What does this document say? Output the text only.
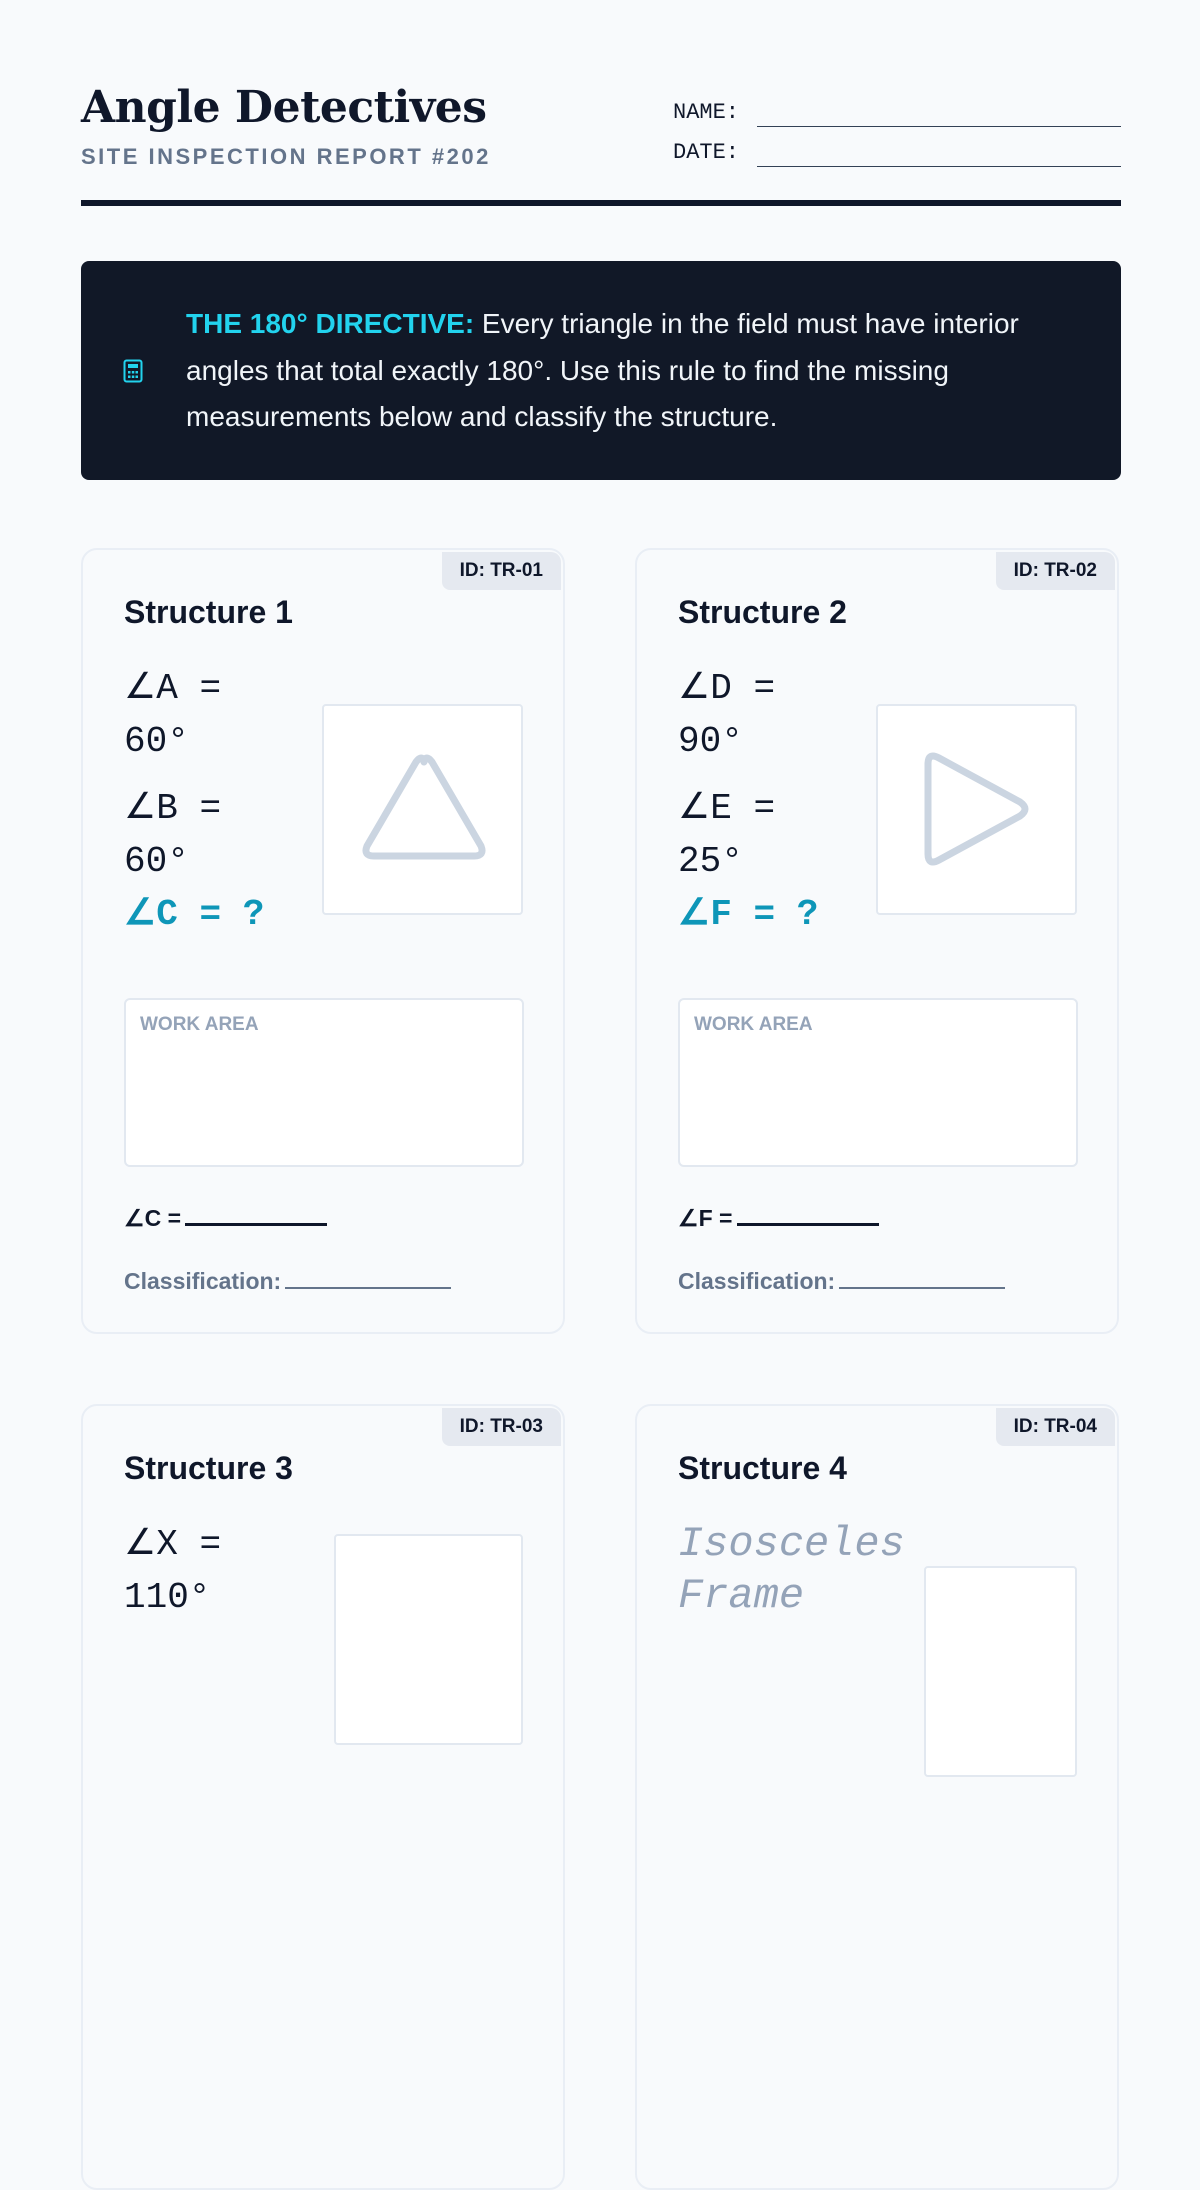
Angle Detectives
SITE INSPECTION REPORT #202
NAME:
DATE:
THE 180° DIRECTIVE: Every triangle in the field must have interior angles that total exactly 180°. Use this rule to find the missing measurements below and classify the structure.
ID: TR-01
Structure 1
∠A =
60°
∠B =
60°
∠C = ?
WORK AREA
∠C =
Classification:
ID: TR-02
Structure 2
∠D =
90°
∠E =
25°
∠F = ?
WORK AREA
∠F =
Classification:
ID: TR-03
Structure 3
∠X =
110°
ID: TR-04
Structure 4
Isosceles
Frame
